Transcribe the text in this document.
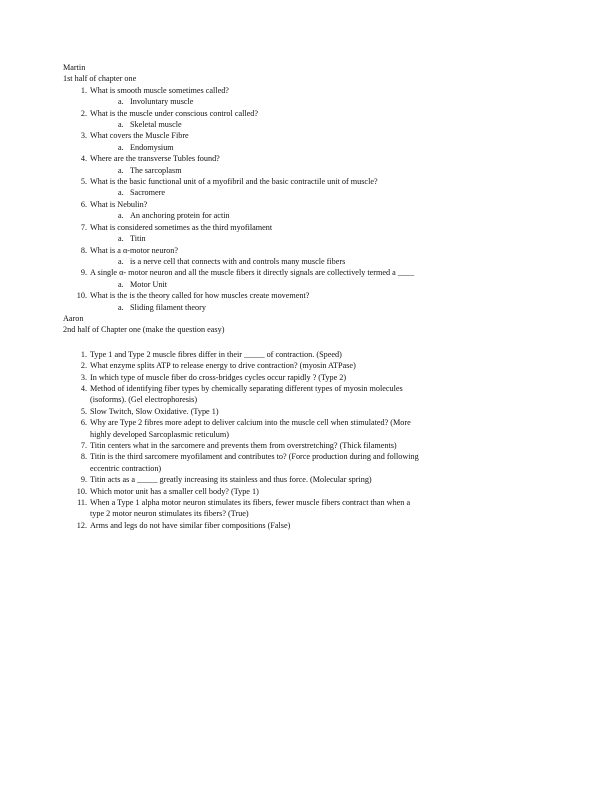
Martin

1st half of chapter one

1. What is smooth muscle sometimes called?
a. Involuntary muscle
2. What is the muscle under conscious control called?
a. Skeletal muscle
3. What covers the Muscle Fibre
a. Endomysium
4. Where are the transverse Tubles found?
a. The sarcoplasm
5. What is the basic functional unit of a myofibril and the basic contractile unit of muscle?
a. Sacromere
6. What is Nebulin?
a. An anchoring protein for actin
7. What is considered sometimes as the third myofilament
a. Titin
8. What is a α-motor neuron?
a. is a nerve cell that connects with and controls many muscle fibers
9. A single α- motor neuron and all the muscle fibers it directly signals are collectively termed a ____
a. Motor Unit
10. What is the is the theory called for how muscles create movement?
a. Sliding filament theory

Aaron

2nd half of Chapter one (make the question easy)

1. Type 1 and Type 2 muscle fibres differ in their _____ of contraction. (Speed)
2. What enzyme splits ATP to release energy to drive contraction? (myosin ATPase)
3. In which type of muscle fiber do cross-bridges cycles occur rapidly ? (Type 2)
4. Method of identifying fiber types by chemically separating different types of myosin molecules (isoforms). (Gel electrophoresis)
5. Slow Twitch, Slow Oxidative. (Type 1)
6. Why are Type 2 fibres more adept to deliver calcium into the muscle cell when stimulated? (More highly developed Sarcoplasmic reticulum)
7. Titin centers what in the sarcomere and prevents them from overstretching? (Thick filaments)
8. Titin is the third sarcomere myofilament and contributes to? (Force production during and following eccentric contraction)
9. Titin acts as a _____ greatly increasing its stainless and thus force. (Molecular spring)
10. Which motor unit has a smaller cell body? (Type 1)
11. When a Type 1 alpha motor neuron stimulates its fibers, fewer muscle fibers contract than when a type 2 motor neuron stimulates its fibers? (True)
12. Arms and legs do not have similar fiber compositions (False)
